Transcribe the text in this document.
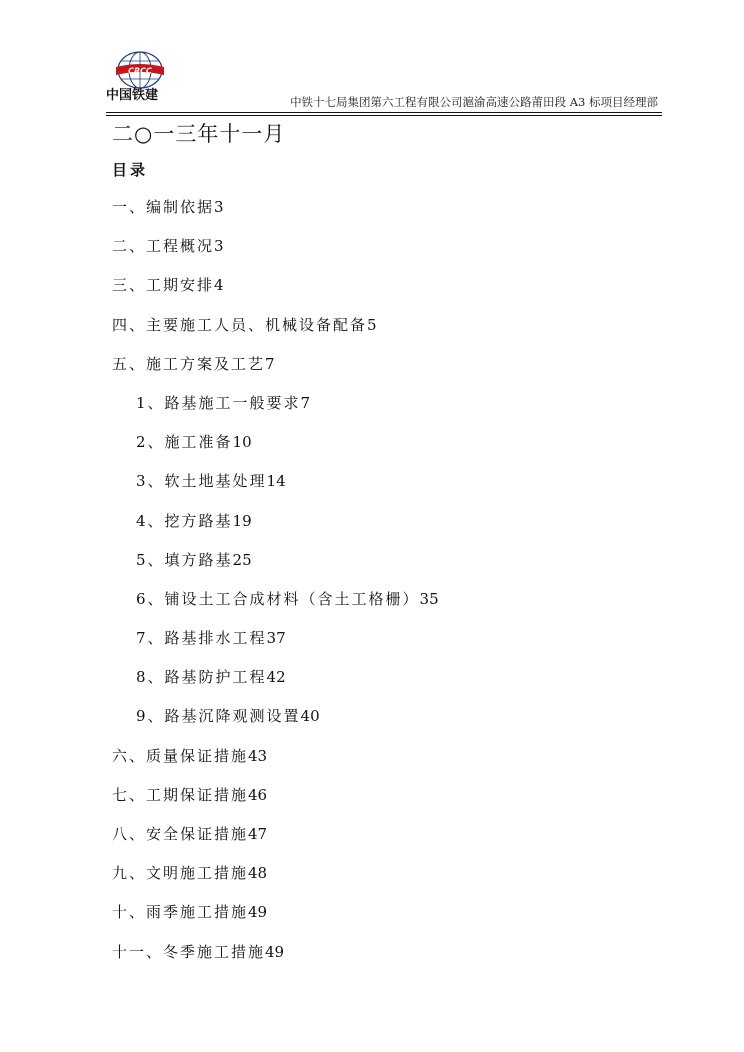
CRCC
中国铁建	中铁十七局集团第六工程有限公司滬渝高速公路莆田段 A3 标项目经理部
二○一三年十一月
目录
一、编制依据3
二、工程概况3
三、工期安排4
四、主要施工人员、机械设备配备5
五、施工方案及工艺7
1、路基施工一般要求7
2、施工准备10
3、软土地基处理14
4、挖方路基19
5、填方路基25
6、铺设土工合成材料（含土工格栅）35
7、路基排水工程37
8、路基防护工程42
9、路基沉降观测设置40
六、质量保证措施43
七、工期保证措施46
八、安全保证措施47
九、文明施工措施48
十、雨季施工措施49
十一、冬季施工措施49
